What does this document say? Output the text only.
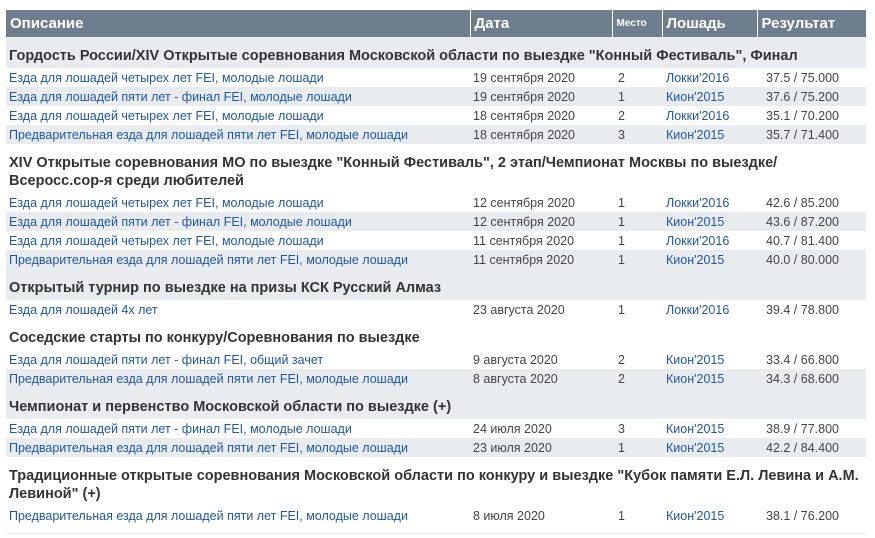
Описание	Дата	Место	Лошадь	Результат
Гордость России/XIV Открытые соревнования Московской области по выездке "Конный Фестиваль", Финал				
Езда для лошадей четырех лет FEI, молодые лошади	19 сентября 2020	2	Локки'2016	37.5 / 75.000
Езда для лошадей пяти лет - финал FEI, молодые лошади	19 сентября 2020	1	Кион'2015	37.6 / 75.200
Езда для лошадей четырех лет FEI, молодые лошади	18 сентября 2020	2	Локки'2016	35.1 / 70.200
Предварительная езда для лошадей пяти лет FEI, молодые лошади	18 сентября 2020	3	Кион'2015	35.7 / 71.400
XIV Открытые соревнования МО по выездке "Конный Фестиваль", 2 этап/Чемпионат Москвы по выездке/ Всеросс.сор-я среди любителей				
Езда для лошадей четырех лет FEI, молодые лошади	12 сентября 2020	1	Локки'2016	42.6 / 85.200
Езда для лошадей пяти лет - финал FEI, молодые лошади	12 сентября 2020	1	Кион'2015	43.6 / 87.200
Езда для лошадей четырех лет FEI, молодые лошади	11 сентября 2020	1	Локки'2016	40.7 / 81.400
Предварительная езда для лошадей пяти лет FEI, молодые лошади	11 сентября 2020	1	Кион'2015	40.0 / 80.000
Открытый турнир по выездке на призы КСК Русский Алмаз				
Езда для лошадей 4х лет	23 августа 2020	1	Локки'2016	39.4 / 78.800
Соседские старты по конкуру/Соревнования по выездке				
Езда для лошадей пяти лет - финал FEI, общий зачет	9 августа 2020	2	Кион'2015	33.4 / 66.800
Предварительная езда для лошадей пяти лет FEI, молодые лошади	8 августа 2020	2	Кион'2015	34.3 / 68.600
Чемпионат и первенство Московской области по выездке (+)				
Езда для лошадей пяти лет - финал FEI, молодые лошади	24 июля 2020	3	Кион'2015	38.9 / 77.800
Предварительная езда для лошадей пяти лет FEI, молодые лошади	23 июля 2020	1	Кион'2015	42.2 / 84.400
Традиционные открытые соревнования Московской области по конкуру и выездке "Кубок памяти Е.Л. Левина и А.М. Левиной" (+)				
Предварительная езда для лошадей пяти лет FEI, молодые лошади	8 июля 2020	1	Кион'2015	38.1 / 76.200
